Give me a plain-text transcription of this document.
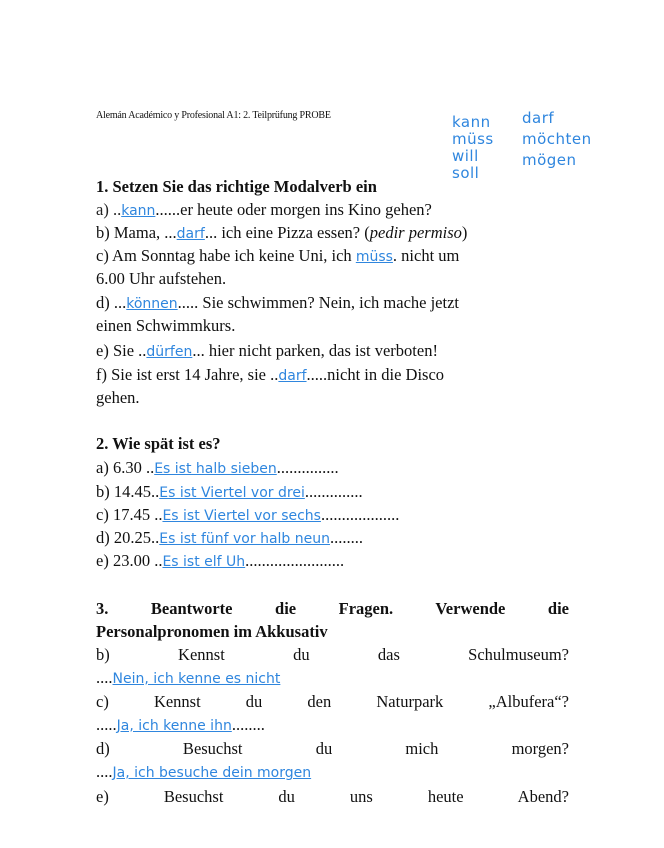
Alemán Académico y Profesional A1: 2. Teilprüfung PROBE	kann
müss
will
soll
darf
möchten
mögen
1. Setzen Sie das richtige Modalverb ein
a) ..kann......er heute oder morgen ins Kino gehen?
b) Mama, ...darf... ich eine Pizza essen? (pedir permiso)
c) Am Sonntag habe ich keine Uni, ich müss. nicht um
6.00 Uhr aufstehen.
d) ...können..... Sie schwimmen? Nein, ich mache jetzt
einen Schwimmkurs.
e) Sie ..dürfen... hier nicht parken, das ist verboten!
f) Sie ist erst 14 Jahre, sie ..darf.....nicht in die Disco
gehen.
2. Wie spät ist es?
a) 6.30 ..Es ist halb sieben...............
b) 14.45..Es ist Viertel vor drei..............
c) 17.45 ..Es ist Viertel vor sechs...................
d) 20.25..Es ist fünf vor halb neun........
e) 23.00 ..Es ist elf Uh........................
3. Beantworte die Fragen. Verwende die
Personalpronomen im Akkusativ
b) Kennst du das Schulmuseum?
....Nein, ich kenne es nicht
c) Kennst du den Naturpark „Albufera“?
.....Ja, ich kenne ihn........
d) Besuchst du mich morgen?
....Ja, ich besuche dein morgen
e) Besuchst du uns heute Abend?
